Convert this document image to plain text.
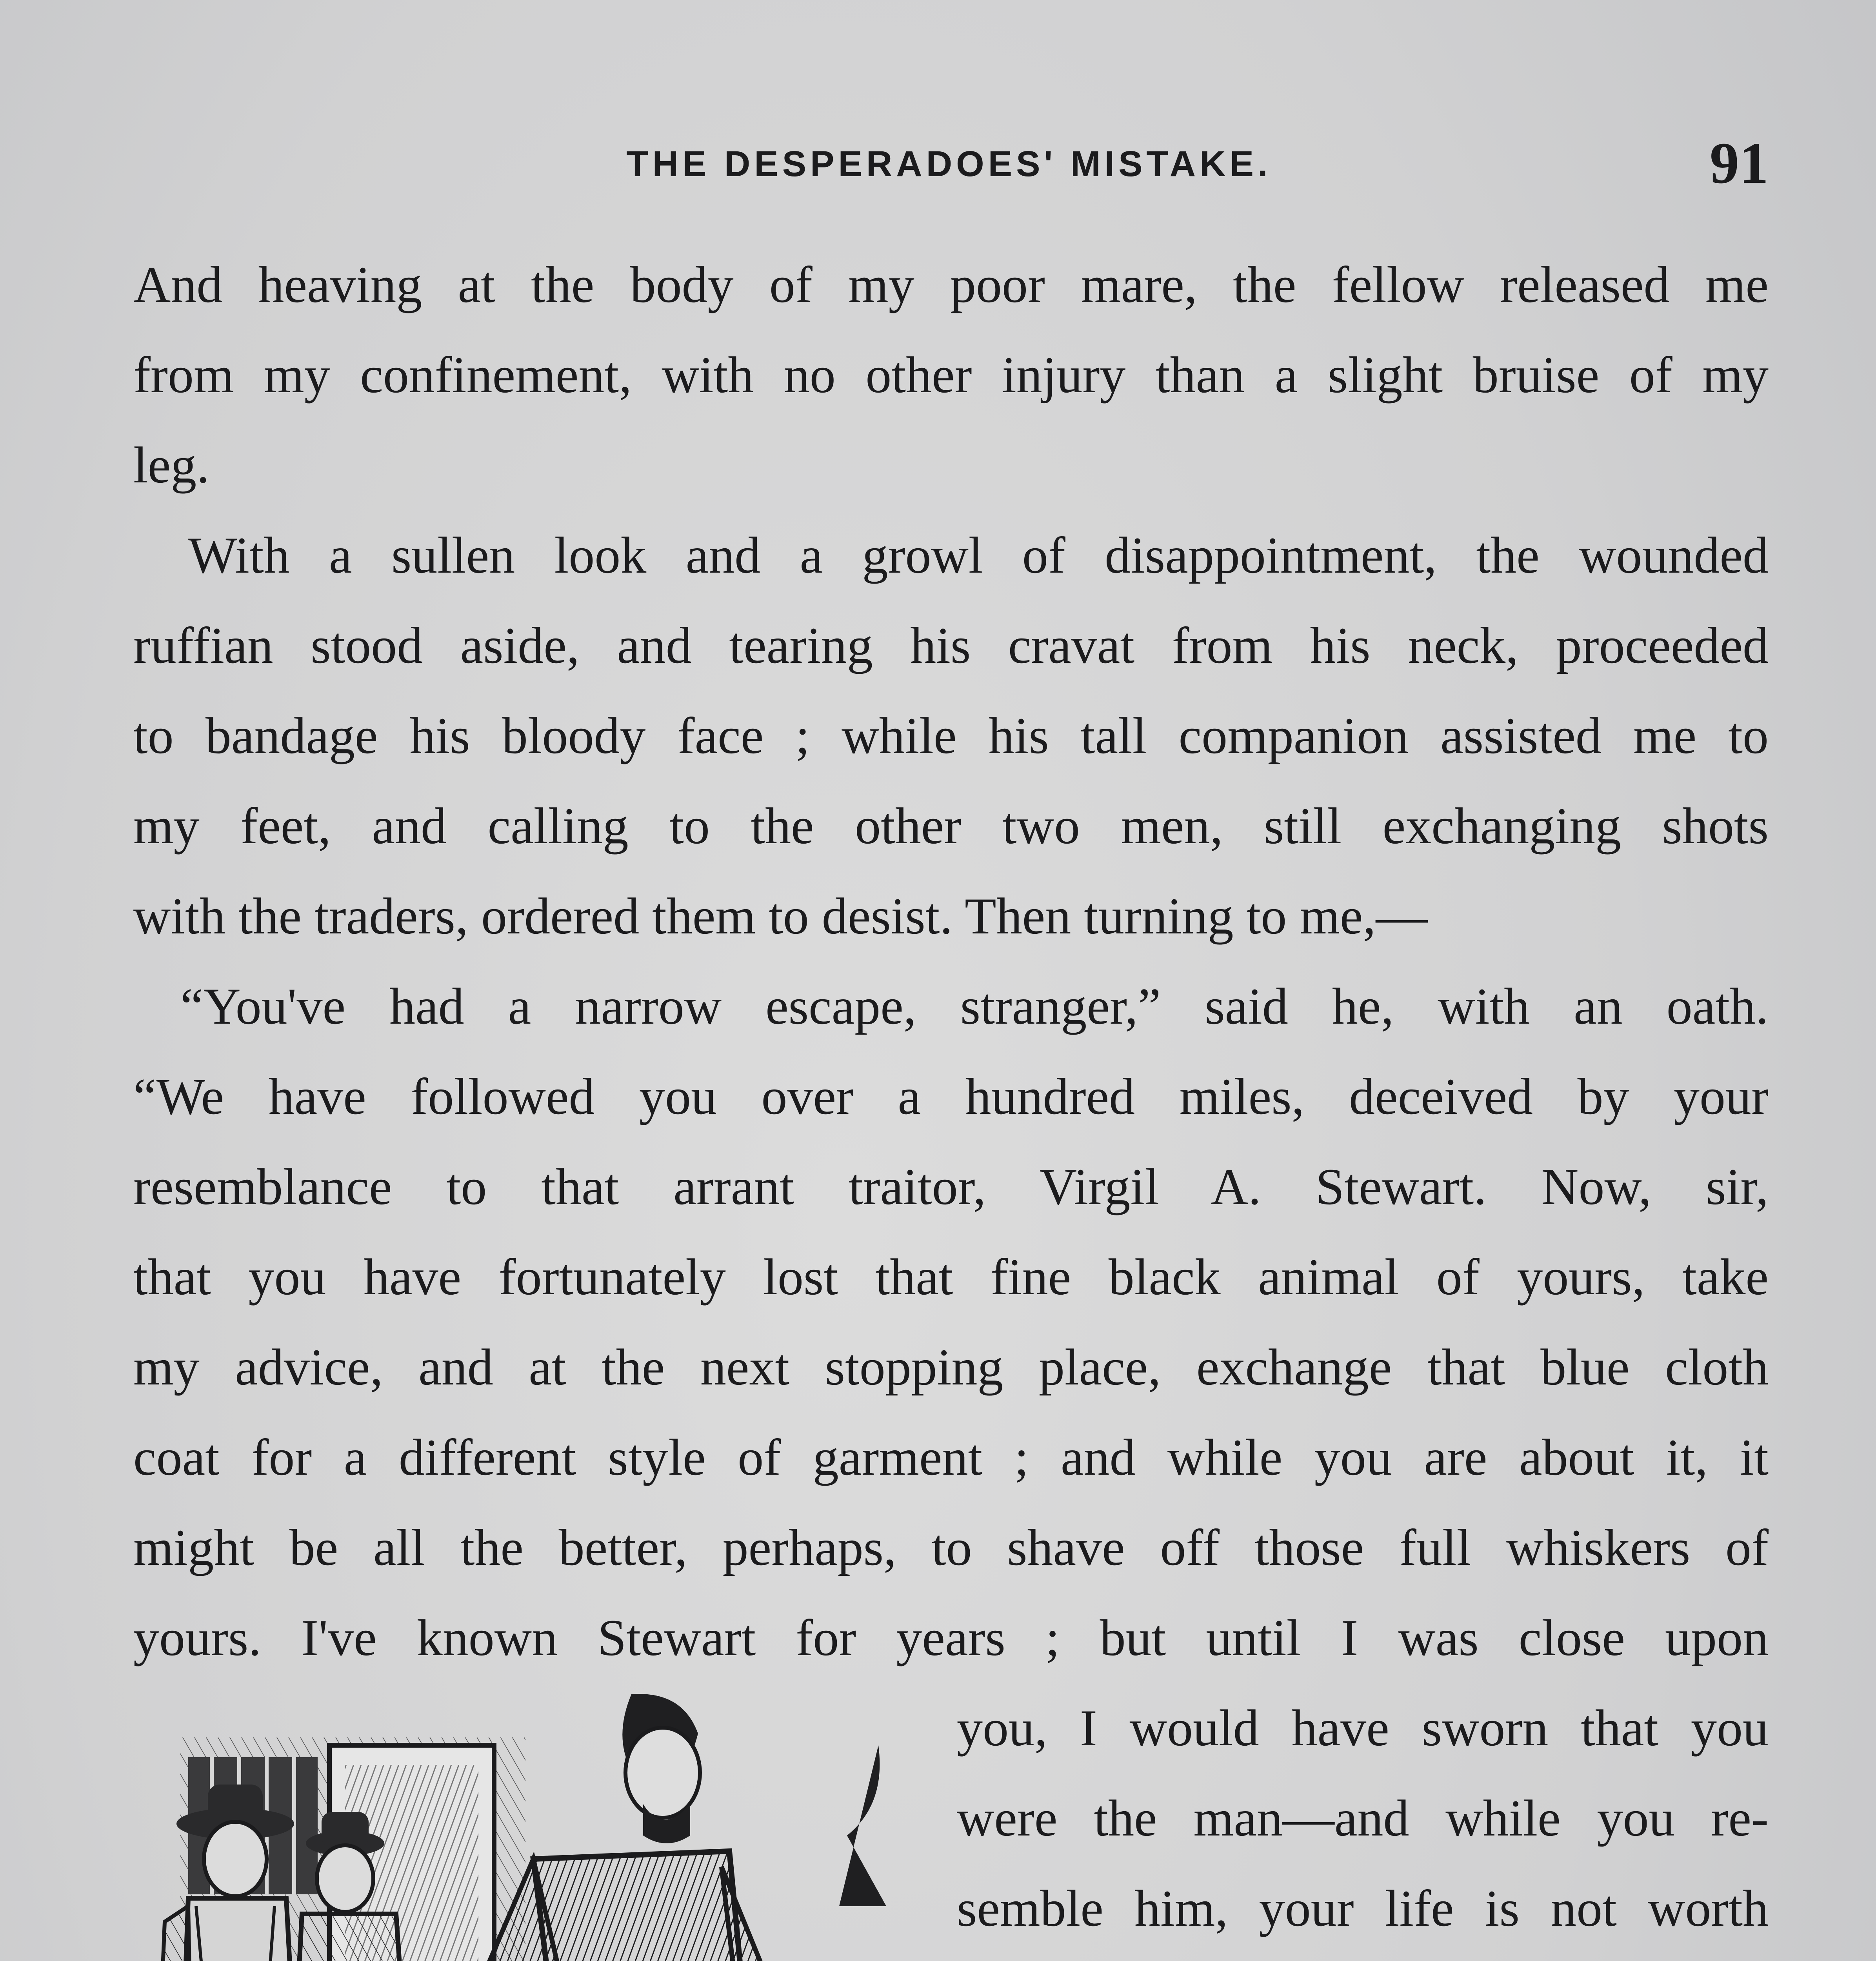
THE DESPERADOES' MISTAKE.	91
And heaving at the body of my poor mare, the fellow released me
from my confinement, with no other injury than a slight bruise of my
leg.
With a sullen look and a growl of disappointment, the wounded
ruffian stood aside, and tearing his cravat from his neck, proceeded
to bandage his bloody face ; while his tall companion assisted me to
my feet, and calling to the other two men, still exchanging shots
with the traders, ordered them to desist. Then turning to me,—
“You've had a narrow escape, stranger,” said he, with an oath.
“We have followed you over a hundred miles, deceived by your
resemblance to that arrant traitor, Virgil A. Stewart. Now, sir,
that you have fortunately lost that fine black animal of yours, take
my advice, and at the next stopping place, exchange that blue cloth
coat for a different style of garment ; and while you are about it, it
might be all the better, perhaps, to shave off those full whiskers of
yours. I've known Stewart for years ; but until I was close upon
you, I would have sworn that you
were the man—and while you re-
semble him, your life is not worth
